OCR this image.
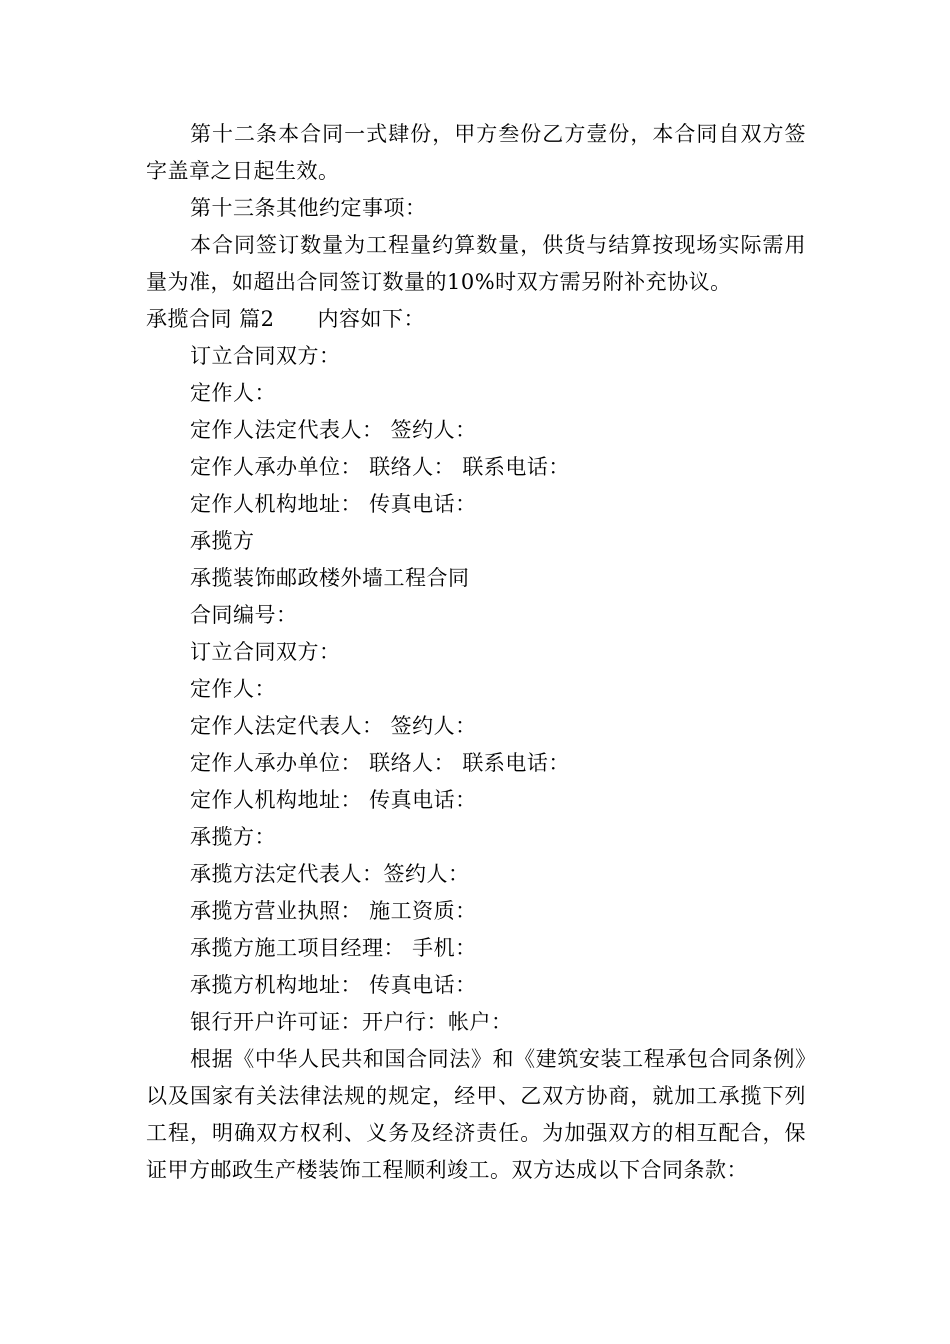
第十二条本合同一式肆份，甲方叁份乙方壹份，本合同自双方签字盖章之日起生效。

第十三条其他约定事项：

本合同签订数量为工程量约算数量，供货与结算按现场实际需用量为准，如超出合同签订数量的10%时双方需另附补充协议。

承揽合同 篇2　　内容如下：

订立合同双方：

定作人：

定作人法定代表人： 签约人：

定作人承办单位： 联络人： 联系电话：

定作人机构地址： 传真电话：

承揽方

承揽装饰邮政楼外墙工程合同

合同编号：

订立合同双方：

定作人：

定作人法定代表人： 签约人：

定作人承办单位： 联络人： 联系电话：

定作人机构地址： 传真电话：

承揽方：

承揽方法定代表人：签约人：

承揽方营业执照： 施工资质：

承揽方施工项目经理： 手机：

承揽方机构地址： 传真电话：

银行开户许可证：开户行：帐户：

根据《中华人民共和国合同法》和《建筑安装工程承包合同条例》以及国家有关法律法规的规定，经甲、乙双方协商，就加工承揽下列工程，明确双方权利、义务及经济责任。为加强双方的相互配合，保证甲方邮政生产楼装饰工程顺利竣工。双方达成以下合同条款：
